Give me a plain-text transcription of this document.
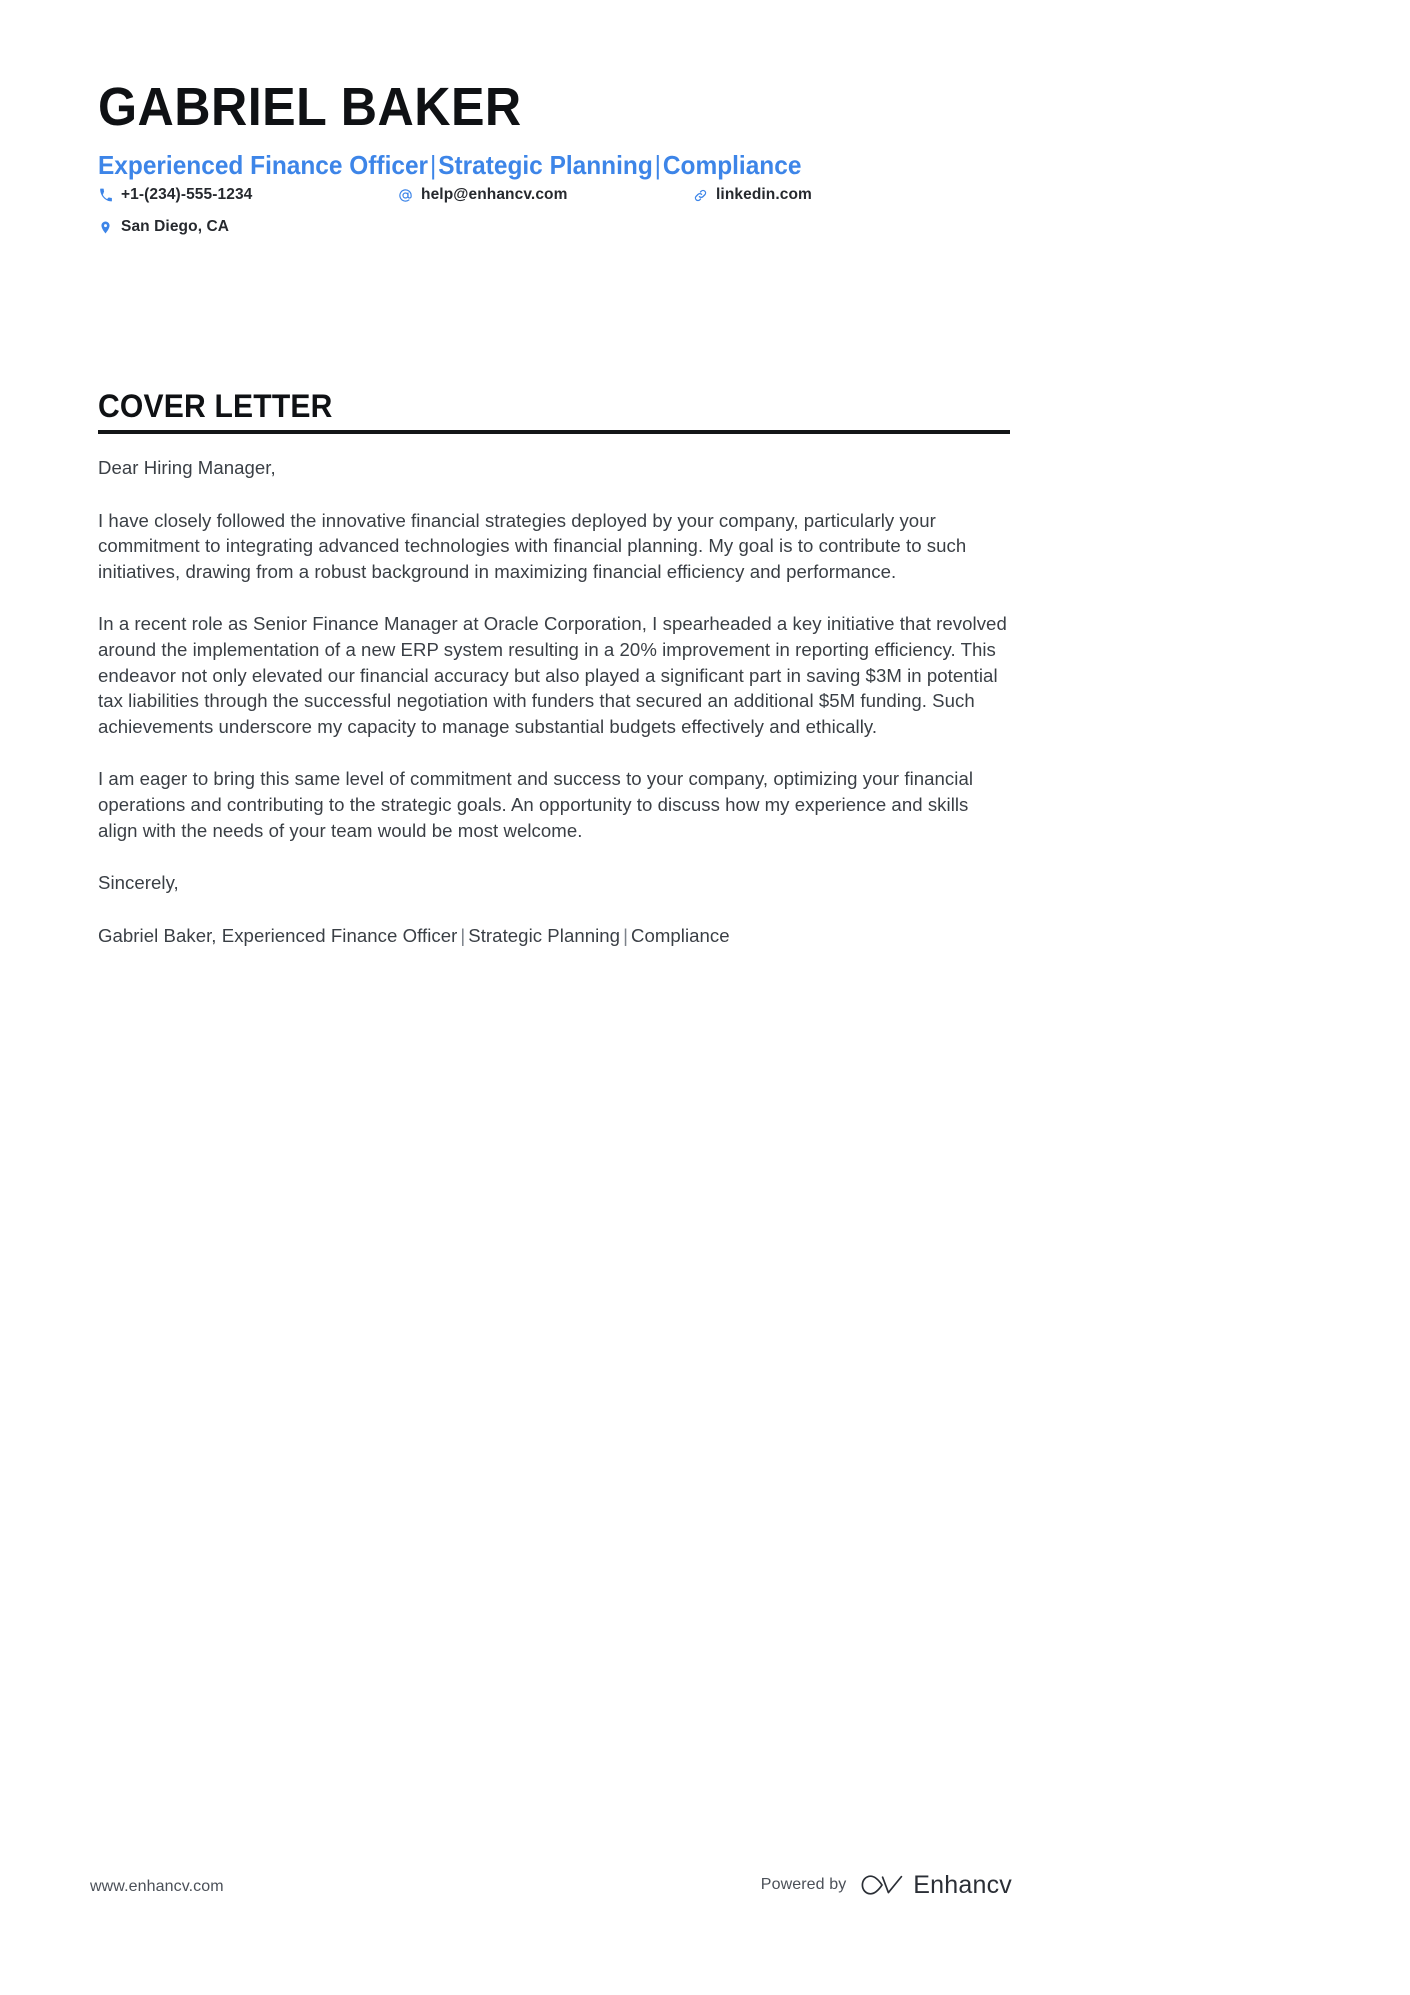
GABRIEL BAKER
Experienced Finance Officer|Strategic Planning|Compliance
+1-(234)-555-1234	help@enhancv.com	linkedin.com
San Diego, CA
COVER LETTER

Dear Hiring Manager,

I have closely followed the innovative financial strategies deployed by your company, particularly your commitment to integrating advanced technologies with financial planning. My goal is to contribute to such initiatives, drawing from a robust background in maximizing financial efficiency and performance.

In a recent role as Senior Finance Manager at Oracle Corporation, I spearheaded a key initiative that revolved around the implementation of a new ERP system resulting in a 20% improvement in reporting efficiency. This endeavor not only elevated our financial accuracy but also played a significant part in saving $3M in potential tax liabilities through the successful negotiation with funders that secured an additional $5M funding. Such achievements underscore my capacity to manage substantial budgets effectively and ethically.

I am eager to bring this same level of commitment and success to your company, optimizing your financial operations and contributing to the strategic goals. An opportunity to discuss how my experience and skills align with the needs of your team would be most welcome.

Sincerely,

Gabriel Baker, Experienced Finance Officer | Strategic Planning | Compliance

www.enhancv.com	Powered by	Enhancv
